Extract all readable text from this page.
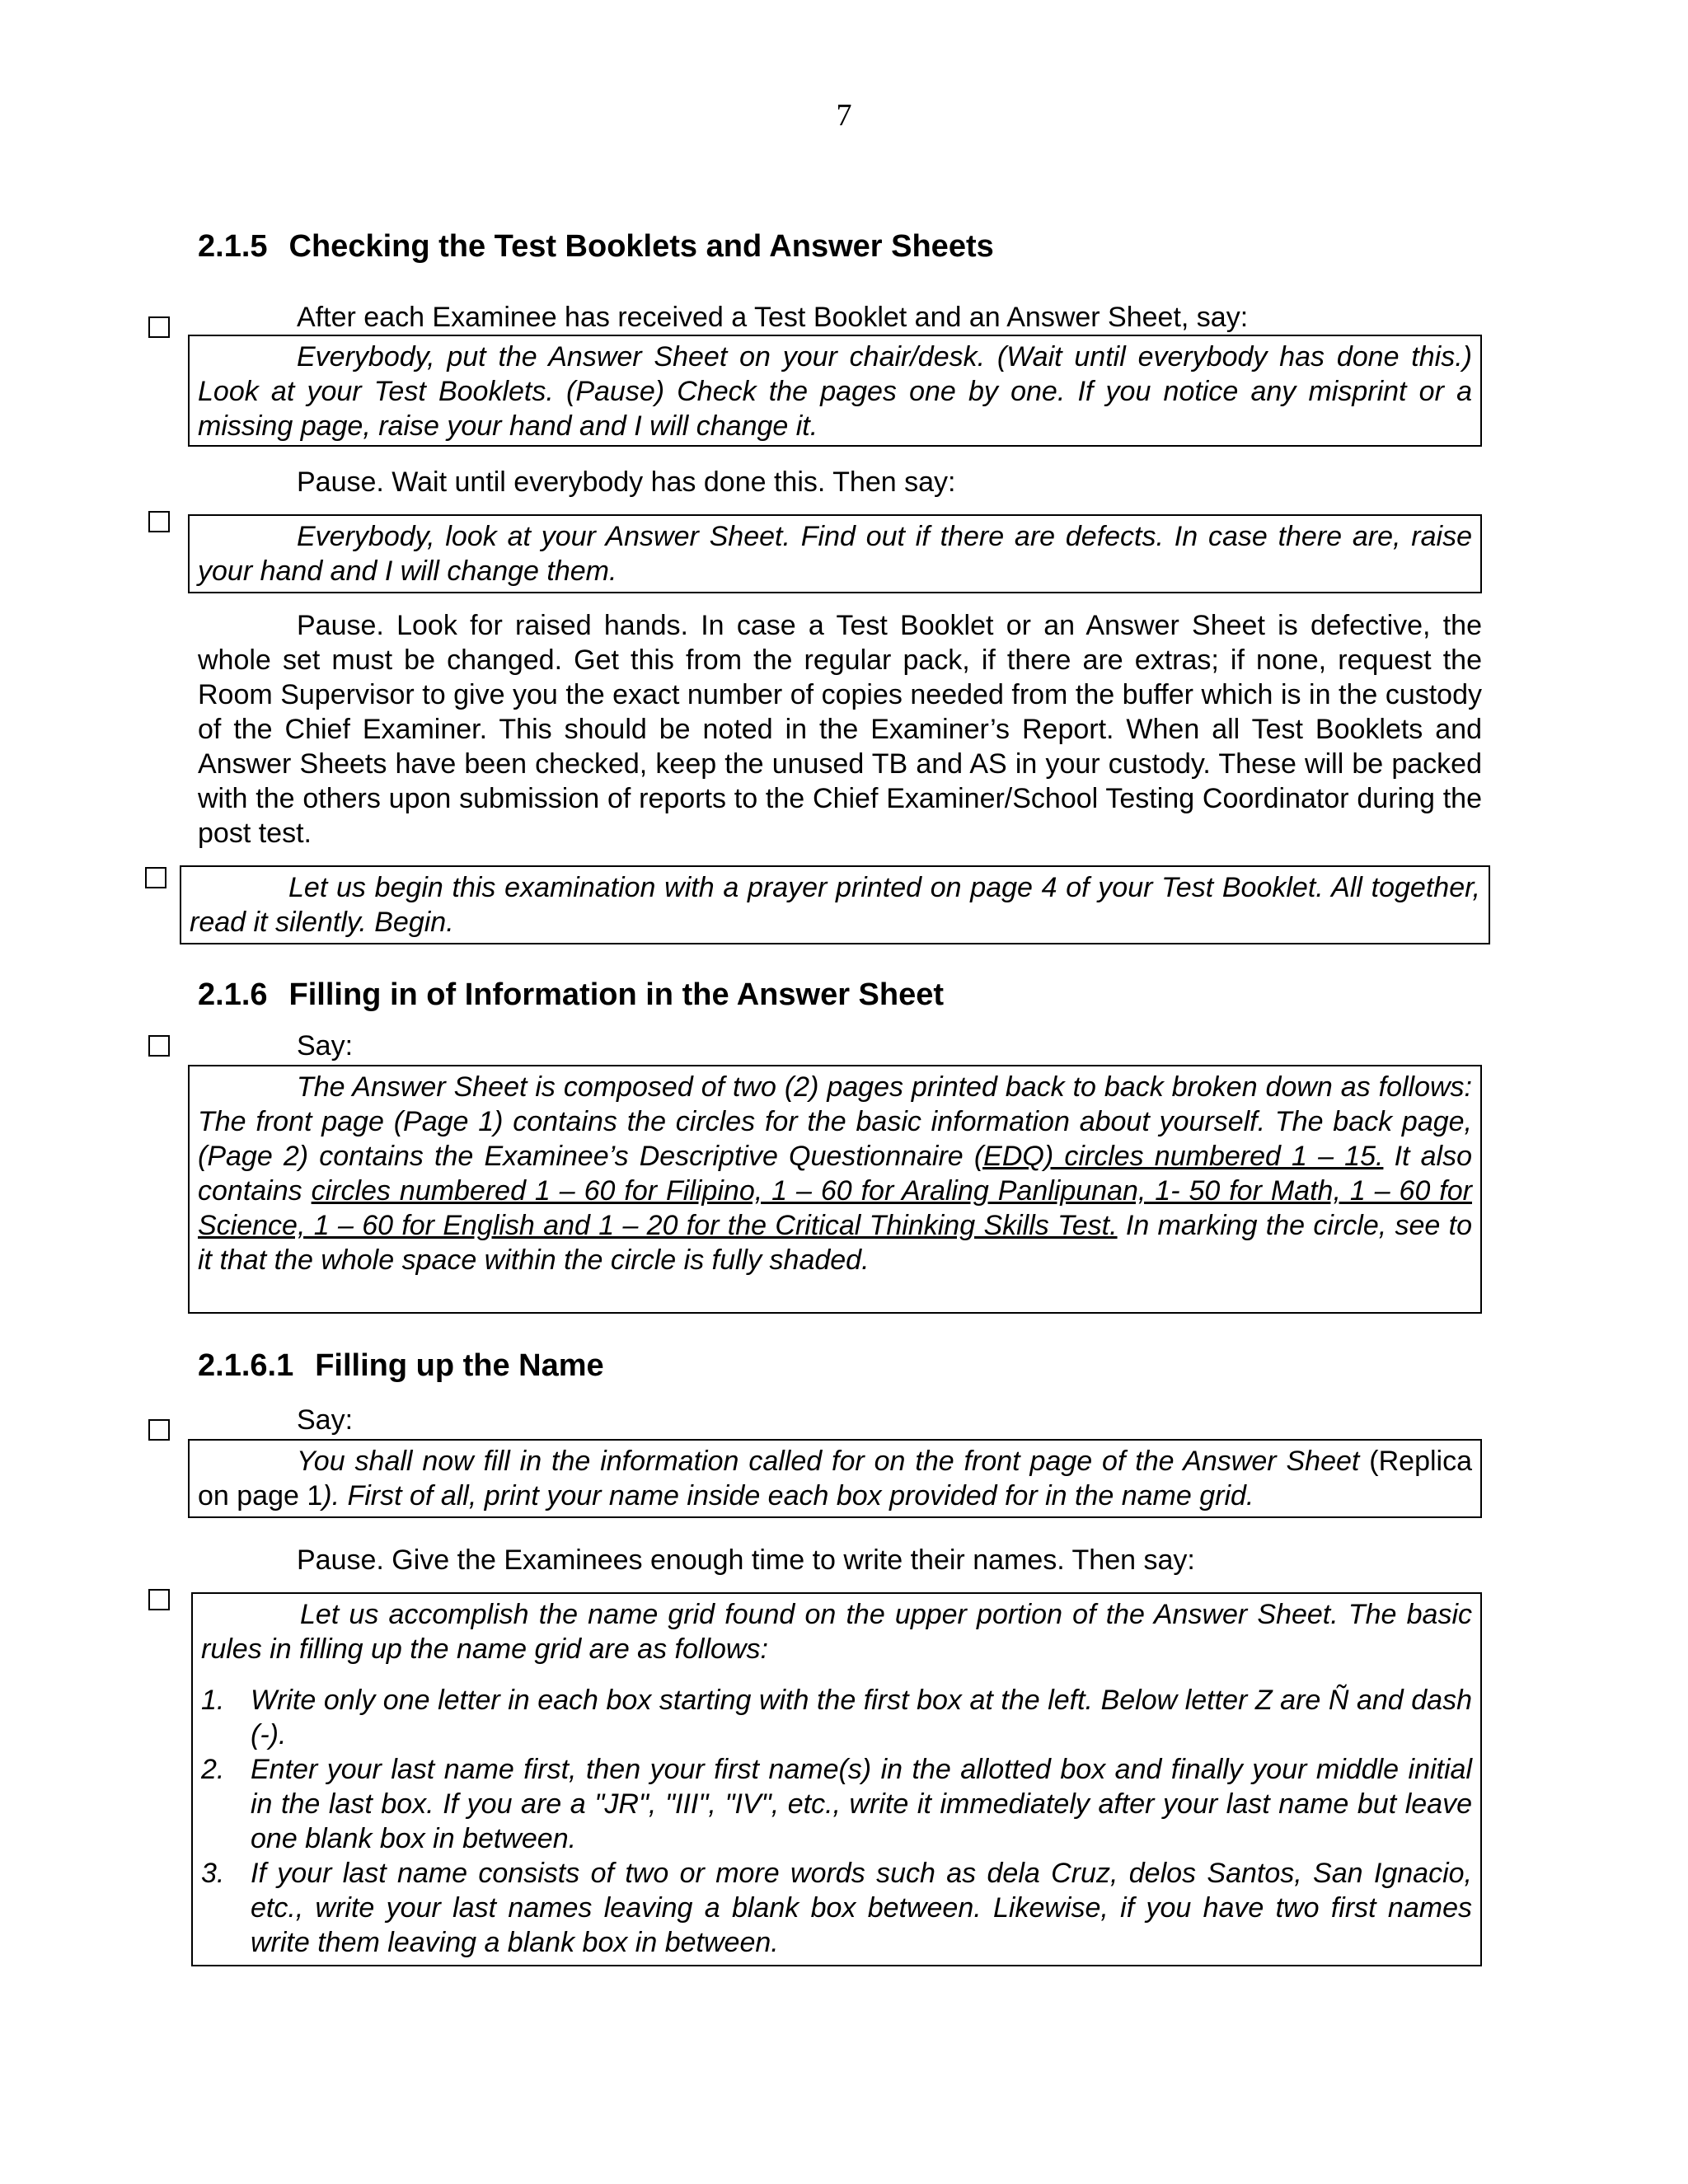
7
2.1.5 Checking the Test Booklets and Answer Sheets
After each Examinee has received a Test Booklet and an Answer Sheet, say:

Everybody, put the Answer Sheet on your chair/desk. (Wait until everybody has done this.) Look at your Test Booklets. (Pause) Check the pages one by one. If you notice any misprint or a missing page, raise your hand and I will change it.

Pause. Wait until everybody has done this. Then say:

Everybody, look at your Answer Sheet. Find out if there are defects. In case there are, raise your hand and I will change them.

Pause. Look for raised hands. In case a Test Booklet or an Answer Sheet is defective, the whole set must be changed. Get this from the regular pack, if there are extras; if none, request the Room Supervisor to give you the exact number of copies needed from the buffer which is in the custody of the Chief Examiner. This should be noted in the Examiner’s Report. When all Test Booklets and Answer Sheets have been checked, keep the unused TB and AS in your custody. These will be packed with the others upon submission of reports to the Chief Examiner/School Testing Coordinator during the post test.

Let us begin this examination with a prayer printed on page 4 of your Test Booklet. All together, read it silently. Begin.

2.1.6 Filling in of Information in the Answer Sheet
Say:

The Answer Sheet is composed of two (2) pages printed back to back broken down as follows: The front page (Page 1) contains the circles for the basic information about yourself. The back page, (Page 2) contains the Examinee’s Descriptive Questionnaire (EDQ) circles numbered 1 – 15. It also contains circles numbered 1 – 60 for Filipino, 1 – 60 for Araling Panlipunan, 1- 50 for Math, 1 – 60 for Science, 1 – 60 for English and 1 – 20 for the Critical Thinking Skills Test. In marking the circle, see to it that the whole space within the circle is fully shaded.

2.1.6.1 Filling up the Name
Say:

You shall now fill in the information called for on the front page of the Answer Sheet (Replica on page 1). First of all, print your name inside each box provided for in the name grid.

Pause. Give the Examinees enough time to write their names. Then say:

Let us accomplish the name grid found on the upper portion of the Answer Sheet. The basic rules in filling up the name grid are as follows:

1. Write only one letter in each box starting with the first box at the left. Below letter Z are Ñ and dash (-).
2. Enter your last name first, then your first name(s) in the allotted box and finally your middle initial in the last box. If you are a "JR", "III", "IV", etc., write it immediately after your last name but leave one blank box in between.
3. If your last name consists of two or more words such as dela Cruz, delos Santos, San Ignacio, etc., write your last names leaving a blank box between. Likewise, if you have two first names write them leaving a blank box in between.
